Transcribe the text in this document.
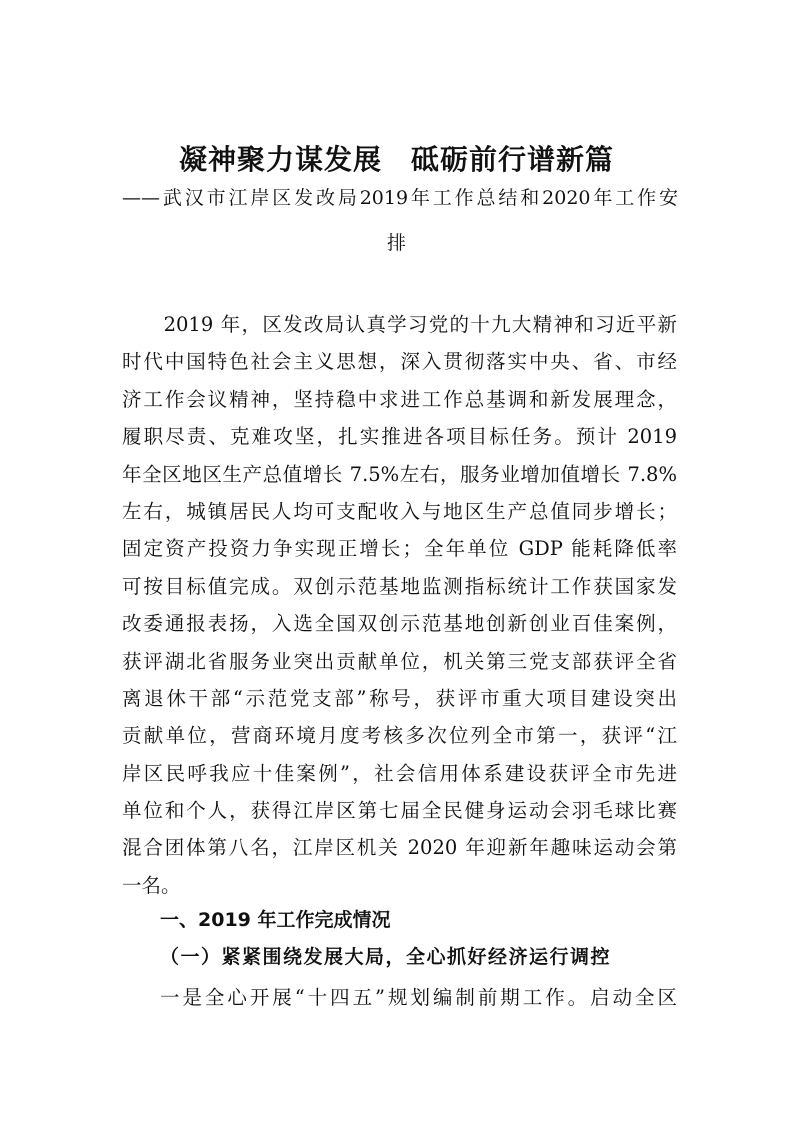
凝神聚力谋发展　砥砺前行谱新篇
——武汉市江岸区发改局2019年工作总结和2020年工作安
排
　　2019 年，区发改局认真学习党的十九大精神和习近平新
时代中国特色社会主义思想，深入贯彻落实中央、省、市经
济工作会议精神，坚持稳中求进工作总基调和新发展理念，
履职尽责、克难攻坚，扎实推进各项目标任务。预计 2019
年全区地区生产总值增长 7.5%左右，服务业增加值增长 7.8%
左右，城镇居民人均可支配收入与地区生产总值同步增长；
固定资产投资力争实现正增长；全年单位 GDP 能耗降低率
可按目标值完成。双创示范基地监测指标统计工作获国家发
改委通报表扬，入选全国双创示范基地创新创业百佳案例，
获评湖北省服务业突出贡献单位，机关第三党支部获评全省
离退休干部“示范党支部”称号，获评市重大项目建设突出
贡献单位，营商环境月度考核多次位列全市第一，获评“江
岸区民呼我应十佳案例”，社会信用体系建设获评全市先进
单位和个人，获得江岸区第七届全民健身运动会羽毛球比赛
混合团体第八名，江岸区机关 2020 年迎新年趣味运动会第
一名。
一、2019 年工作完成情况
（一）紧紧围绕发展大局，全心抓好经济运行调控
一是全心开展“十四五”规划编制前期工作。启动全区
